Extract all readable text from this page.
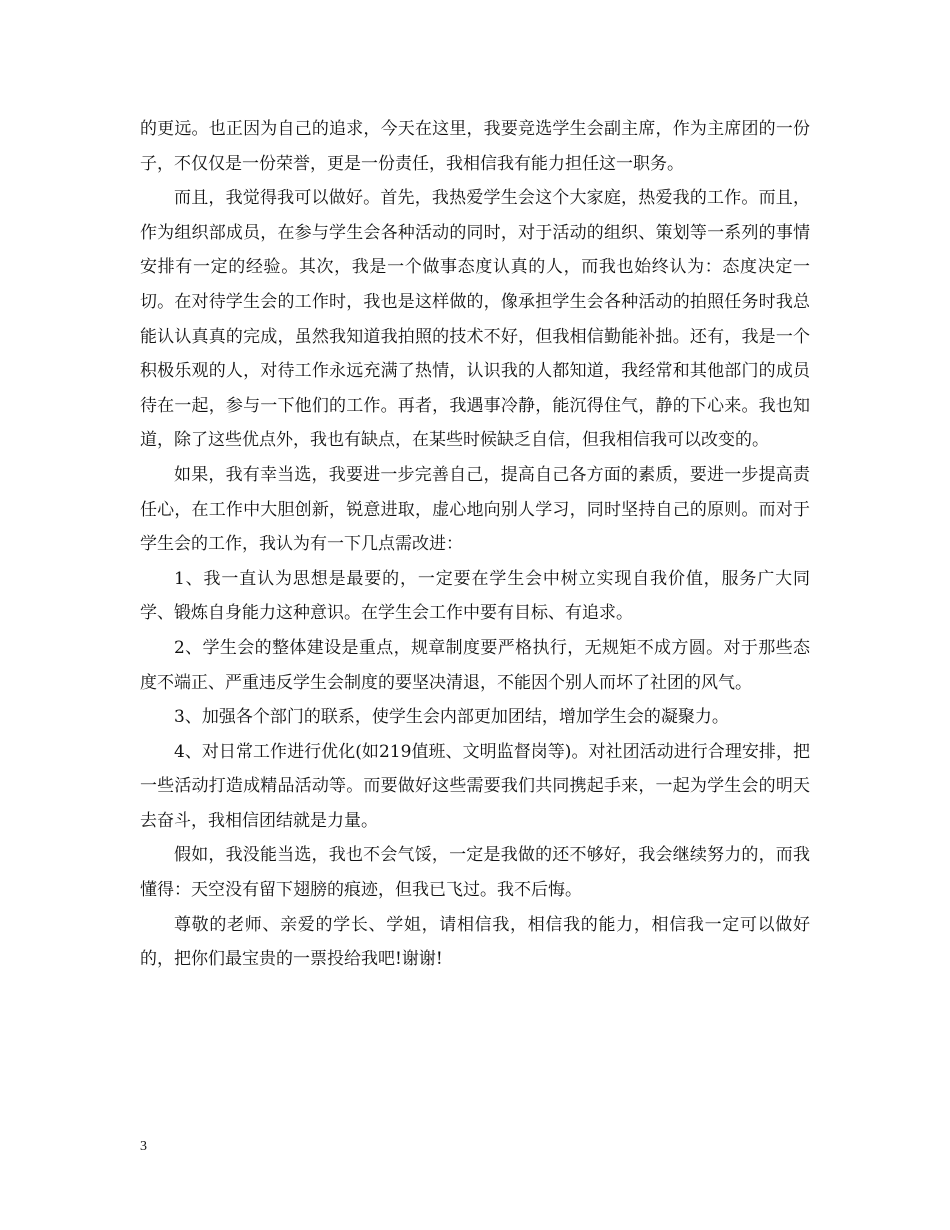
的更远。也正因为自己的追求，今天在这里，我要竞选学生会副主席，作为主席团的一份子，不仅仅是一份荣誉，更是一份责任，我相信我有能力担任这一职务。

而且，我觉得我可以做好。首先，我热爱学生会这个大家庭，热爱我的工作。而且，作为组织部成员，在参与学生会各种活动的同时，对于活动的组织、策划等一系列的事情安排有一定的经验。其次，我是一个做事态度认真的人，而我也始终认为：态度决定一切。在对待学生会的工作时，我也是这样做的，像承担学生会各种活动的拍照任务时我总能认认真真的完成，虽然我知道我拍照的技术不好，但我相信勤能补拙。还有，我是一个积极乐观的人，对待工作永远充满了热情，认识我的人都知道，我经常和其他部门的成员待在一起，参与一下他们的工作。再者，我遇事冷静，能沉得住气，静的下心来。我也知道，除了这些优点外，我也有缺点，在某些时候缺乏自信，但我相信我可以改变的。

如果，我有幸当选，我要进一步完善自己，提高自己各方面的素质，要进一步提高责任心，在工作中大胆创新，锐意进取，虚心地向别人学习，同时坚持自己的原则。而对于学生会的工作，我认为有一下几点需改进：

1、我一直认为思想是最要的，一定要在学生会中树立实现自我价值，服务广大同学、锻炼自身能力这种意识。在学生会工作中要有目标、有追求。

2、学生会的整体建设是重点，规章制度要严格执行，无规矩不成方圆。对于那些态度不端正、严重违反学生会制度的要坚决清退，不能因个别人而坏了社团的风气。

3、加强各个部门的联系，使学生会内部更加团结，增加学生会的凝聚力。

4、对日常工作进行优化(如219值班、文明监督岗等)。对社团活动进行合理安排，把一些活动打造成精品活动等。而要做好这些需要我们共同携起手来，一起为学生会的明天去奋斗，我相信团结就是力量。

假如，我没能当选，我也不会气馁，一定是我做的还不够好，我会继续努力的，而我懂得：天空没有留下翅膀的痕迹，但我已飞过。我不后悔。

尊敬的老师、亲爱的学长、学姐，请相信我，相信我的能力，相信我一定可以做好的，把你们最宝贵的一票投给我吧!谢谢!

3
